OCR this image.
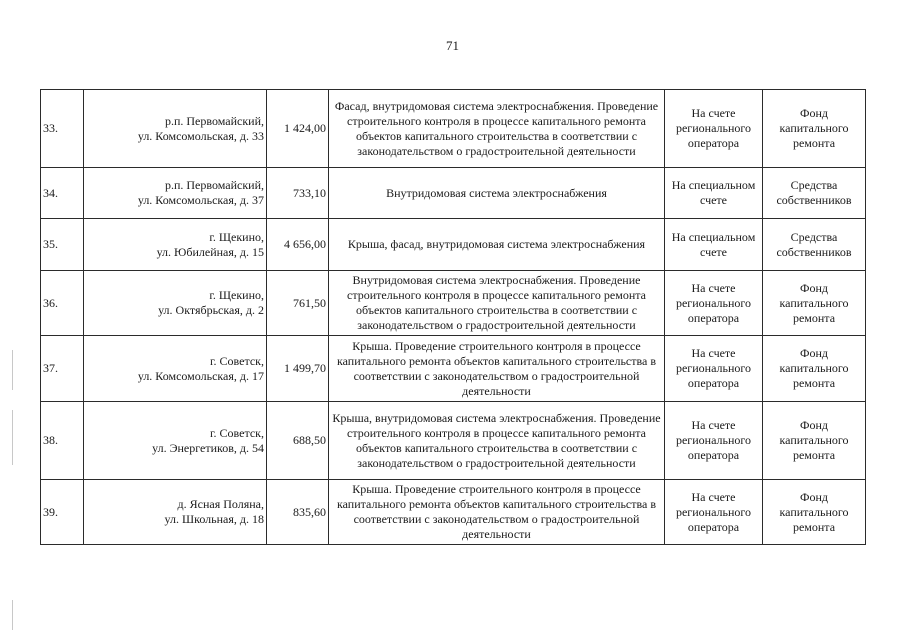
71
33.	р.п. Первомайский,
ул. Комсомольская, д. 33	1 424,00	Фасад, внутридомовая система электроснабжения. Проведение строительного контроля в процессе капитального ремонта объектов капитального строительства в соответствии с законодательством о градостроительной деятельности	На счете регионального оператора	Фонд капитального ремонта
34.	р.п. Первомайский,
ул. Комсомольская, д. 37	733,10	Внутридомовая система электроснабжения	На специальном счете	Средства собственников
35.	г. Щекино,
ул. Юбилейная, д. 15	4 656,00	Крыша, фасад, внутридомовая система электроснабжения	На специальном счете	Средства собственников
36.	г. Щекино,
ул. Октябрьская, д. 2	761,50	Внутридомовая система электроснабжения. Проведение строительного контроля в процессе капитального ремонта объектов капитального строительства в соответствии с законодательством о градостроительной деятельности	На счете регионального оператора	Фонд капитального ремонта
37.	г. Советск,
ул. Комсомольская, д. 17	1 499,70	Крыша. Проведение строительного контроля в процессе капитального ремонта объектов капитального строительства в соответствии с законодательством о градостроительной деятельности	На счете регионального оператора	Фонд капитального ремонта
38.	г. Советск,
ул. Энергетиков, д. 54	688,50	Крыша, внутридомовая система электроснабжения. Проведение строительного контроля в процессе капитального ремонта объектов капитального строительства в соответствии с законодательством о градостроительной деятельности	На счете регионального оператора	Фонд капитального ремонта
39.	д. Ясная Поляна,
ул. Школьная, д. 18	835,60	Крыша. Проведение строительного контроля в процессе капитального ремонта объектов капитального строительства в соответствии с законодательством о градостроительной деятельности	На счете регионального оператора	Фонд капитального ремонта
